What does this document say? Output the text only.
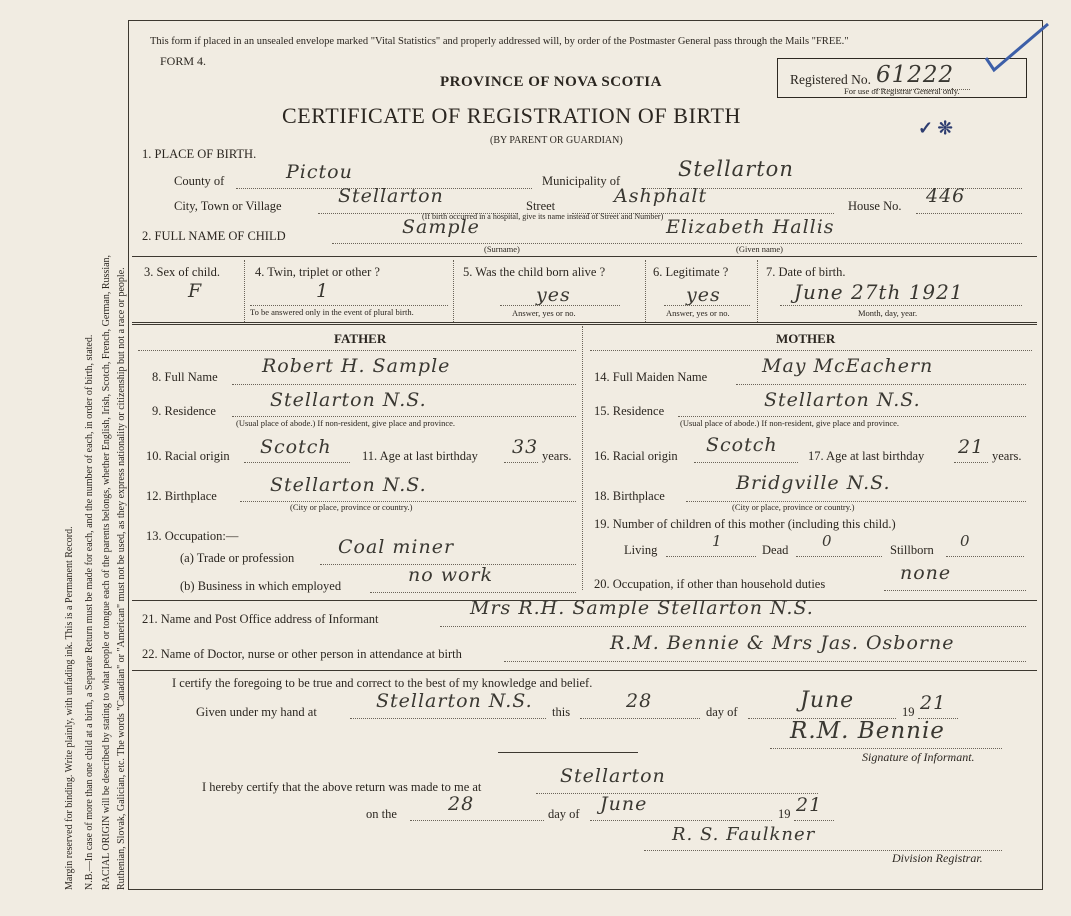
Margin reserved for binding. Write plainly, with unfading ink. This is a Permanent Record. N.B.—In case of more than one child at a birth, a Separate Return must be made for each, and the number of each, in order of birth, stated. RACIAL ORIGIN will be described by stating to what people or tongue each of the parents belongs, whether English, Irish, Scotch, French, German, Russian, Ruthenian, Slovak, Galician, etc. The words "Canadian" or "American" must not be used, as they express nationality or citizenship but not a race or people.
This form if placed in an unsealed envelope marked "Vital Statistics" and properly addressed will, by order of the Postmaster General pass through the Mails "FREE."
FORM 4.
PROVINCE OF NOVA SCOTIA
CERTIFICATE OF REGISTRATION OF BIRTH
(BY PARENT OR GUARDIAN)
Registered No. 61222
For use of Registrar General only.
✓ ❊
1. PLACE OF BIRTH.
County of	Pictou	Municipality of	Stellarton
City, Town or Village	Stellarton	Street	Ashphalt	House No. 446
(If birth occurred in a hospital, give its name instead of Street and Number)
2. FULL NAME OF CHILD	Sample
(Surname)
Elizabeth Hallis
(Given name)
3. Sex of child.
F
4. Twin, triplet or other ?
1
To be answered only in the event of plural birth.
5. Was the child born alive ?
yes
Answer, yes or no.
6. Legitimate ?
yes
Answer, yes or no.
7. Date of birth.
June 27th 1921
Month, day, year.
FATHER	MOTHER
8. Full Name Robert H. Sample
9. Residence	Stellarton N.S.
(Usual place of abode.) If non-resident, give place and province.
10. Racial origin Scotch 11. Age at last birthday 33 years.
12. Birthplace	Stellarton N.S.
(City or place, province or country.)
13. Occupation:—
(a) Trade or profession Coal miner
(b) Business in which employed	no work
14. Full Maiden Name	May McEachern
15. Residence	Stellarton N.S.
(Usual place of abode.) If non-resident, give place and province.
16. Racial origin Scotch 17. Age at last birthday 21 years.
18. Birthplace
Bridgville N.S.
(City or place, province or country.)
19. Number of children of this mother (including this child.)
Living	1	Dead 0	Stillborn 0
20. Occupation, if other than household duties	none
21. Name and Post Office address of Informant	Mrs R.H. Sample Stellarton N.S.
22. Name of Doctor, nurse or other person in attendance at birth	R.M. Bennie & Mrs Jas. Osborne
I certify the foregoing to be true and correct to the best of my knowledge and belief.
Given under my hand at	Stellarton N.S. this	28	day of	June	19 21
R.M. Bennie
Signature of Informant.
I hereby certify that the above return was made to me at	Stellarton
on the	28	day of June	19 21
R. S. Faulkner
Division Registrar.
